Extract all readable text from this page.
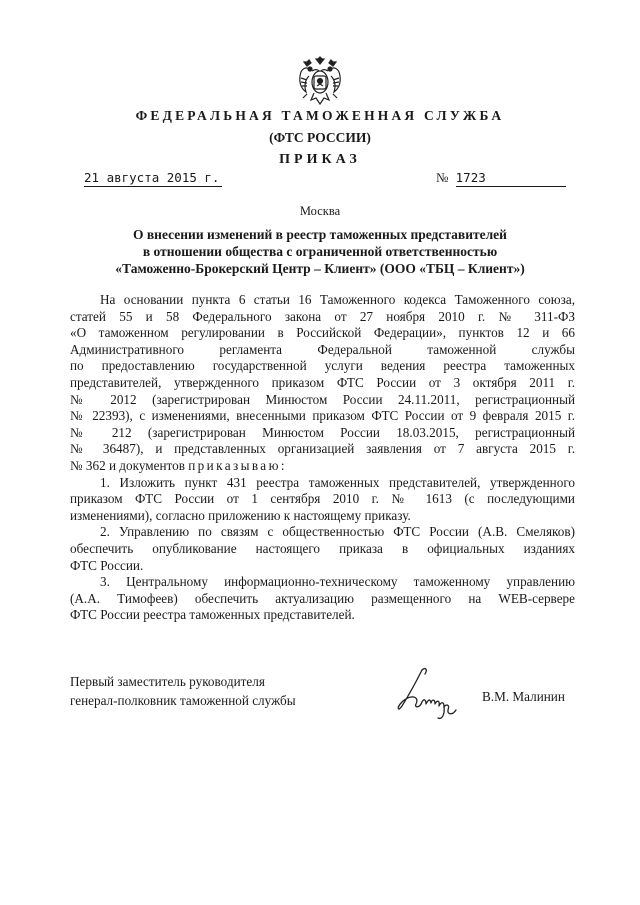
ФЕДЕРАЛЬНАЯ ТАМОЖЕННАЯ СЛУЖБА
(ФТС РОССИИ)
ПРИКАЗ
21 августа 2015 г.	№ 1723
Москва
О внесении изменений в реестр таможенных представителей
в отношении общества с ограниченной ответственностью
«Таможенно-Брокерский Центр – Клиент» (ООО «ТБЦ – Клиент»)
На основании пункта 6 статьи 16 Таможенного кодекса Таможенного союза,
статей 55 и 58 Федерального закона от 27 ноября 2010 г. № 311-ФЗ
«О таможенном регулировании в Российской Федерации», пунктов 12 и 66
Административного регламента Федеральной таможенной службы
по предоставлению государственной услуги ведения реестра таможенных
представителей, утвержденного приказом ФТС России от 3 октября 2011 г.
№ 2012 (зарегистрирован Минюстом России 24.11.2011, регистрационный
№ 22393), с изменениями, внесенными приказом ФТС России от 9 февраля 2015 г.
№ 212 (зарегистрирован Минюстом России 18.03.2015, регистрационный
№ 36487), и представленных организацией заявления от 7 августа 2015 г.
№ 362 и документов приказываю:
1. Изложить пункт 431 реестра таможенных представителей, утвержденного
приказом ФТС России от 1 сентября 2010 г. № 1613 (с последующими
изменениями), согласно приложению к настоящему приказу.
2. Управлению по связям с общественностью ФТС России (А.В. Смеляков)
обеспечить опубликование настоящего приказа в официальных изданиях
ФТС России.
3. Центральному информационно-техническому таможенному управлению
(А.А. Тимофеев) обеспечить актуализацию размещенного на WEB-сервере
ФТС России реестра таможенных представителей.
Первый заместитель руководителя
генерал-полковник таможенной службы	В.М. Малинин
